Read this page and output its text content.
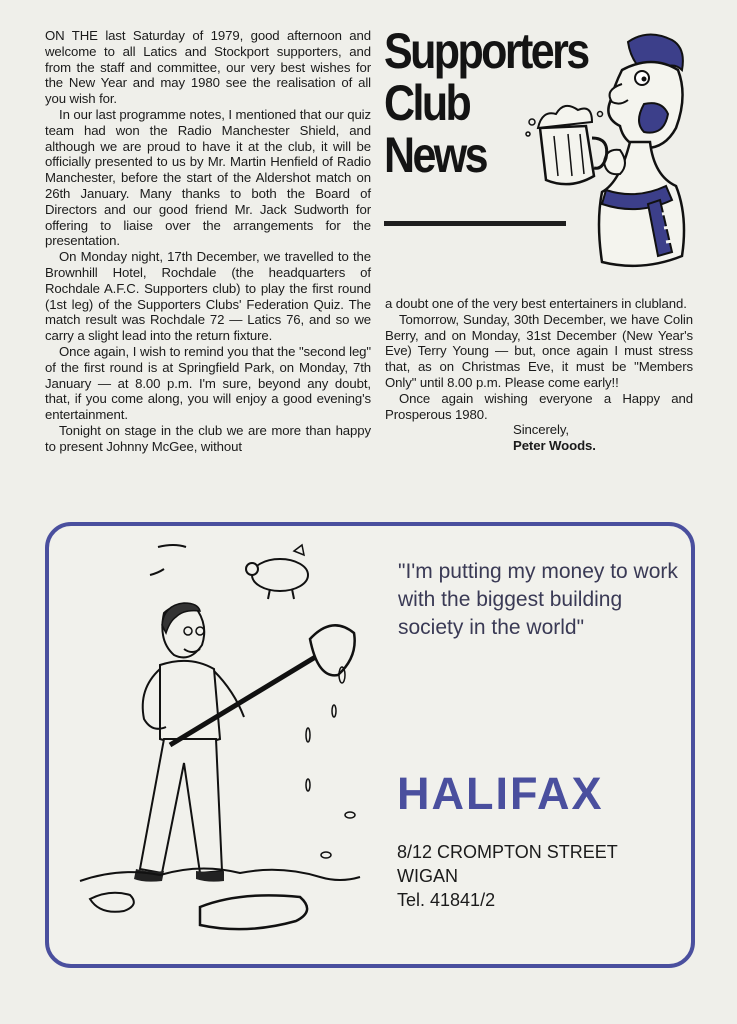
ON THE last Saturday of 1979, good afternoon and welcome to all Latics and Stockport supporters, and from the staff and committee, our very best wishes for the New Year and may 1980 see the realisation of all you wish for.

In our last programme notes, I mentioned that our quiz team had won the Radio Manchester Shield, and although we are proud to have it at the club, it will be officially presented to us by Mr. Martin Henfield of Radio Manchester, before the start of the Aldershot match on 26th January. Many thanks to both the Board of Directors and our good friend Mr. Jack Sudworth for offering to liaise over the arrangements for the presentation.

On Monday night, 17th December, we travelled to the Brownhill Hotel, Rochdale (the headquarters of Rochdale A.F.C. Supporters club) to play the first round (1st leg) of the Supporters Clubs' Federation Quiz. The match result was Rochdale 72 — Latics 76, and so we carry a slight lead into the return fixture.

Once again, I wish to remind you that the "second leg" of the first round is at Springfield Park, on Monday, 7th January — at 8.00 p.m. I'm sure, beyond any doubt, that, if you come along, you will enjoy a good evening's entertainment.

Tonight on stage in the club we are more than happy to present Johnny McGee, without

Supporters
Club
News

a doubt one of the very best entertainers in clubland.

Tomorrow, Sunday, 30th December, we have Colin Berry, and on Monday, 31st December (New Year's Eve) Terry Young — but, once again I must stress that, as on Christmas Eve, it must be "Members Only" until 8.00 p.m. Please come early!!

Once again wishing everyone a Happy and Prosperous 1980.

Sincerely,

Peter Woods.

"I'm putting my money to work with the biggest building society in the world"
HALIFAX
8/12 CROMPTON STREET
WIGAN
Tel. 41841/2
